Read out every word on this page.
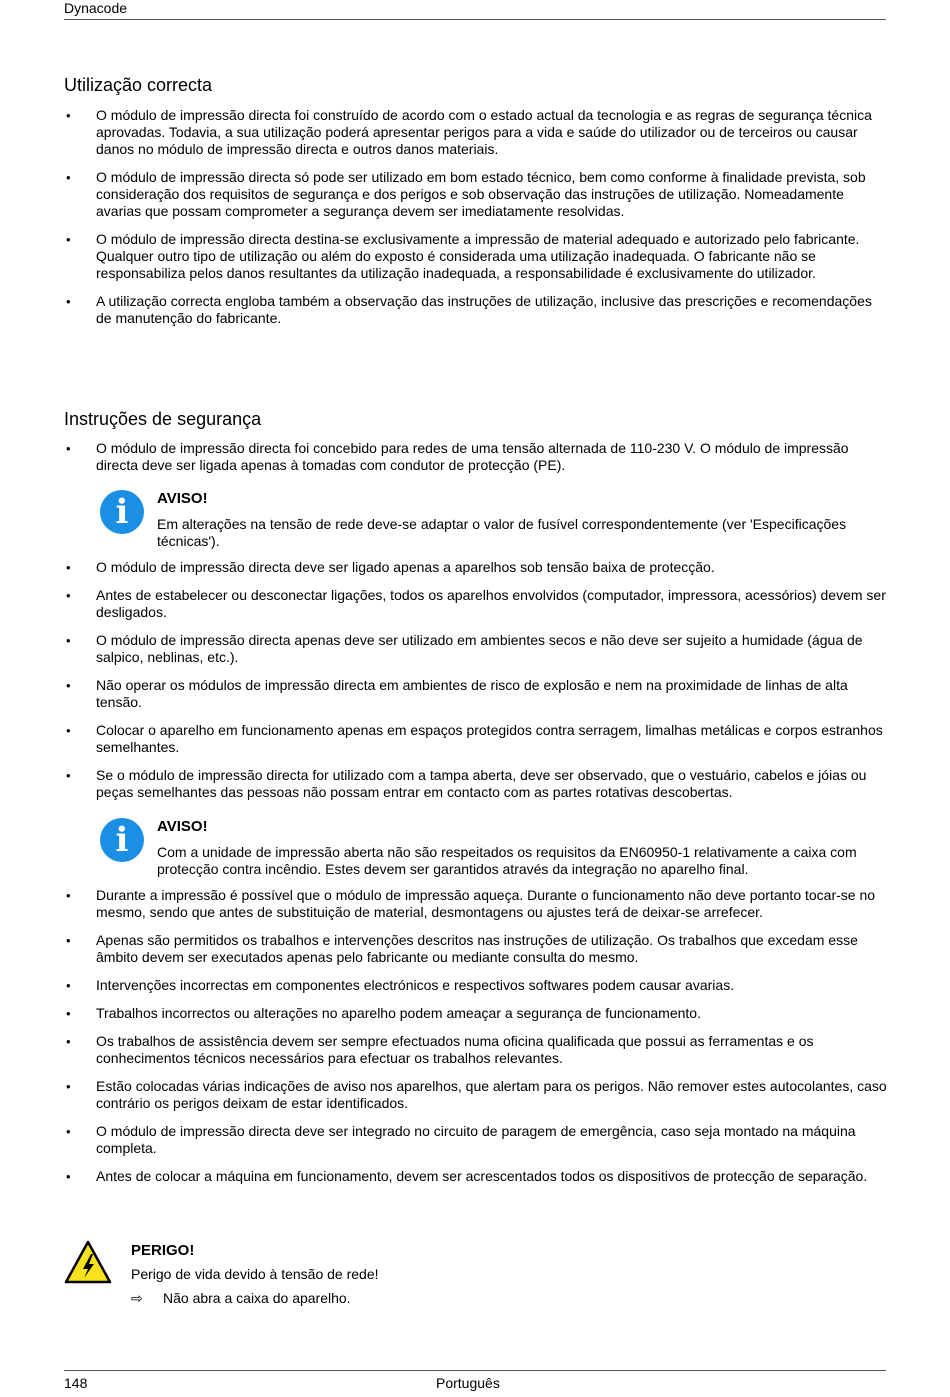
Dynacode
Utilização correcta
• O módulo de impressão directa foi construído de acordo com o estado actual da tecnologia e as regras de segurança técnica aprovadas. Todavia, a sua utilização poderá apresentar perigos para a vida e saúde do utilizador ou de terceiros ou causar danos no módulo de impressão directa e outros danos materiais.
• O módulo de impressão directa só pode ser utilizado em bom estado técnico, bem como conforme à finalidade prevista, sob consideração dos requisitos de segurança e dos perigos e sob observação das instruções de utilização. Nomeadamente avarias que possam comprometer a segurança devem ser imediatamente resolvidas.
• O módulo de impressão directa destina-se exclusivamente a impressão de material adequado e autorizado pelo fabricante. Qualquer outro tipo de utilização ou além do exposto é considerada uma utilização inadequada. O fabricante não se responsabiliza pelos danos resultantes da utilização inadequada, a responsabilidade é exclusivamente do utilizador.
• A utilização correcta engloba também a observação das instruções de utilização, inclusive das prescrições e recomendações de manutenção do fabricante.
Instruções de segurança
• O módulo de impressão directa foi concebido para redes de uma tensão alternada de 110-230 V. O módulo de impressão directa deve ser ligada apenas à tomadas com condutor de protecção (PE).
i	AVISO!
Em alterações na tensão de rede deve-se adaptar o valor de fusível correspondentemente (ver 'Especificações técnicas').
• O módulo de impressão directa deve ser ligado apenas a aparelhos sob tensão baixa de protecção.
• Antes de estabelecer ou desconectar ligações, todos os aparelhos envolvidos (computador, impressora, acessórios) devem ser desligados.
• O módulo de impressão directa apenas deve ser utilizado em ambientes secos e não deve ser sujeito a humidade (água de salpico, neblinas, etc.).
• Não operar os módulos de impressão directa em ambientes de risco de explosão e nem na proximidade de linhas de alta tensão.
• Colocar o aparelho em funcionamento apenas em espaços protegidos contra serragem, limalhas metálicas e corpos estranhos semelhantes.
• Se o módulo de impressão directa for utilizado com a tampa aberta, deve ser observado, que o vestuário, cabelos e jóias ou peças semelhantes das pessoas não possam entrar em contacto com as partes rotativas descobertas.
i	AVISO!
Com a unidade de impressão aberta não são respeitados os requisitos da EN60950-1 relativamente a caixa com protecção contra incêndio. Estes devem ser garantidos através da integração no aparelho final.
• Durante a impressão é possível que o módulo de impressão aqueça. Durante o funcionamento não deve portanto tocar-se no mesmo, sendo que antes de substituição de material, desmontagens ou ajustes terá de deixar-se arrefecer.
• Apenas são permitidos os trabalhos e intervenções descritos nas instruções de utilização. Os trabalhos que excedam esse âmbito devem ser executados apenas pelo fabricante ou mediante consulta do mesmo.
• Intervenções incorrectas em componentes electrónicos e respectivos softwares podem causar avarias.
• Trabalhos incorrectos ou alterações no aparelho podem ameaçar a segurança de funcionamento.
• Os trabalhos de assistência devem ser sempre efectuados numa oficina qualificada que possui as ferramentas e os conhecimentos técnicos necessários para efectuar os trabalhos relevantes.
• Estão colocadas várias indicações de aviso nos aparelhos, que alertam para os perigos. Não remover estes autocolantes, caso contrário os perigos deixam de estar identificados.
• O módulo de impressão directa deve ser integrado no circuito de paragem de emergência, caso seja montado na máquina completa.
• Antes de colocar a máquina em funcionamento, devem ser acrescentados todos os dispositivos de protecção de separação.
PERIGO!
Perigo de vida devido à tensão de rede!
⇨ Não abra a caixa do aparelho.
148	Português
